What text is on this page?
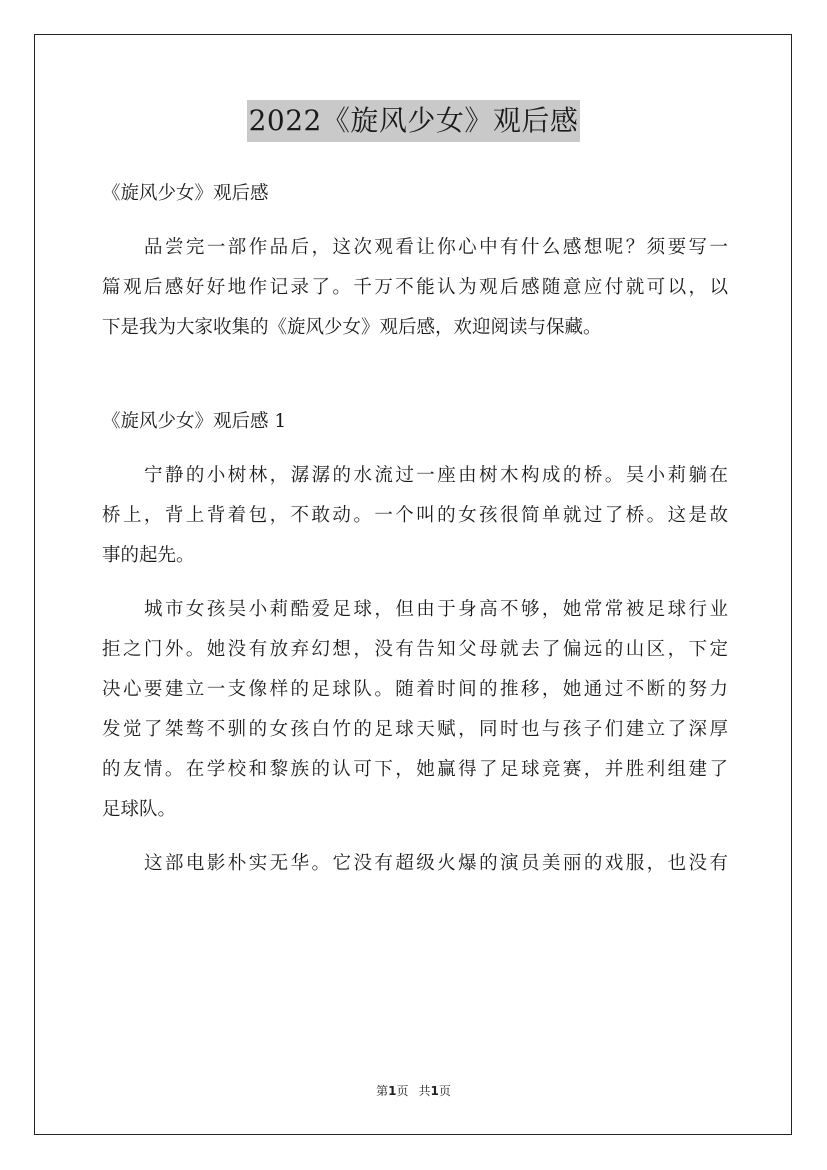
2022《旋风少女》观后感
《旋风少女》观后感
品尝完一部作品后，这次观看让你心中有什么感想呢？须要写一
篇观后感好好地作记录了。千万不能认为观后感随意应付就可以，以
下是我为大家收集的《旋风少女》观后感，欢迎阅读与保藏。
《旋风少女》观后感 1
宁静的小树林，潺潺的水流过一座由树木构成的桥。吴小莉躺在
桥上，背上背着包，不敢动。一个叫的女孩很简单就过了桥。这是故
事的起先。
城市女孩吴小莉酷爱足球，但由于身高不够，她常常被足球行业
拒之门外。她没有放弃幻想，没有告知父母就去了偏远的山区，下定
决心要建立一支像样的足球队。随着时间的推移，她通过不断的努力
发觉了桀骜不驯的女孩白竹的足球天赋，同时也与孩子们建立了深厚
的友情。在学校和黎族的认可下，她赢得了足球竞赛，并胜利组建了
足球队。
这部电影朴实无华。它没有超级火爆的演员美丽的戏服，也没有
第1页 共1页
